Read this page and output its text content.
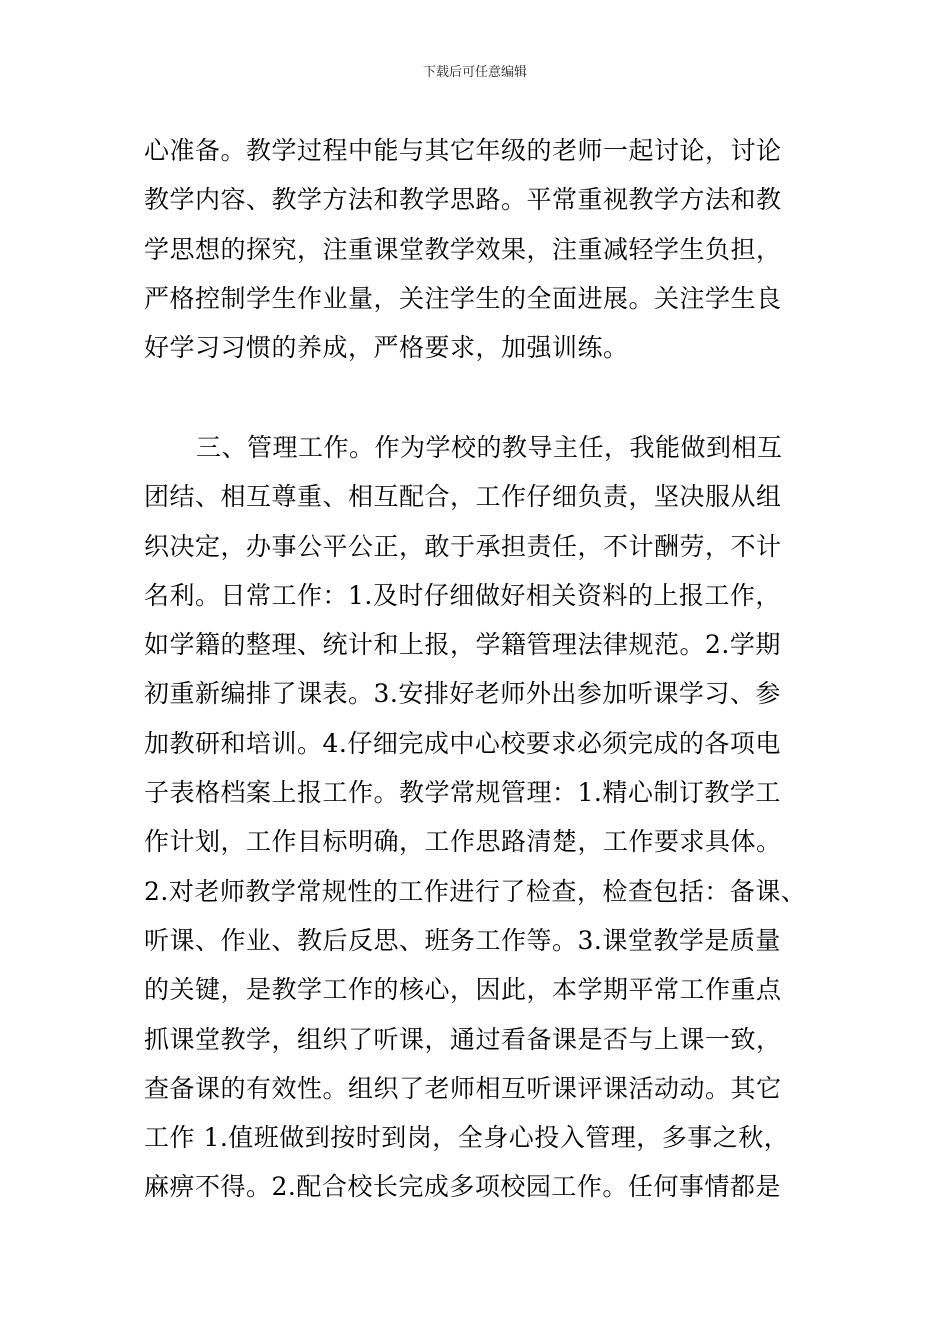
下载后可任意编辑
心准备。教学过程中能与其它年级的老师一起讨论，讨论
教学内容、教学方法和教学思路。平常重视教学方法和教
学思想的探究，注重课堂教学效果，注重减轻学生负担，
严格控制学生作业量，关注学生的全面进展。关注学生良
好学习习惯的养成，严格要求，加强训练。
三、管理工作。作为学校的教导主任，我能做到相互
团结、相互尊重、相互配合，工作仔细负责，坚决服从组
织决定，办事公平公正，敢于承担责任，不计酬劳，不计
名利。日常工作：1.及时仔细做好相关资料的上报工作，
如学籍的整理、统计和上报，学籍管理法律规范。2.学期
初重新编排了课表。3.安排好老师外出参加听课学习、参
加教研和培训。4.仔细完成中心校要求必须完成的各项电
子表格档案上报工作。教学常规管理：1.精心制订教学工
作计划，工作目标明确，工作思路清楚，工作要求具体。
2.对老师教学常规性的工作进行了检查，检查包括：备课、
听课、作业、教后反思、班务工作等。3.课堂教学是质量
的关键，是教学工作的核心，因此，本学期平常工作重点
抓课堂教学，组织了听课，通过看备课是否与上课一致，
查备课的有效性。组织了老师相互听课评课活动动。其它
工作 1.值班做到按时到岗，全身心投入管理，多事之秋，
麻痹不得。2.配合校长完成多项校园工作。任何事情都是
